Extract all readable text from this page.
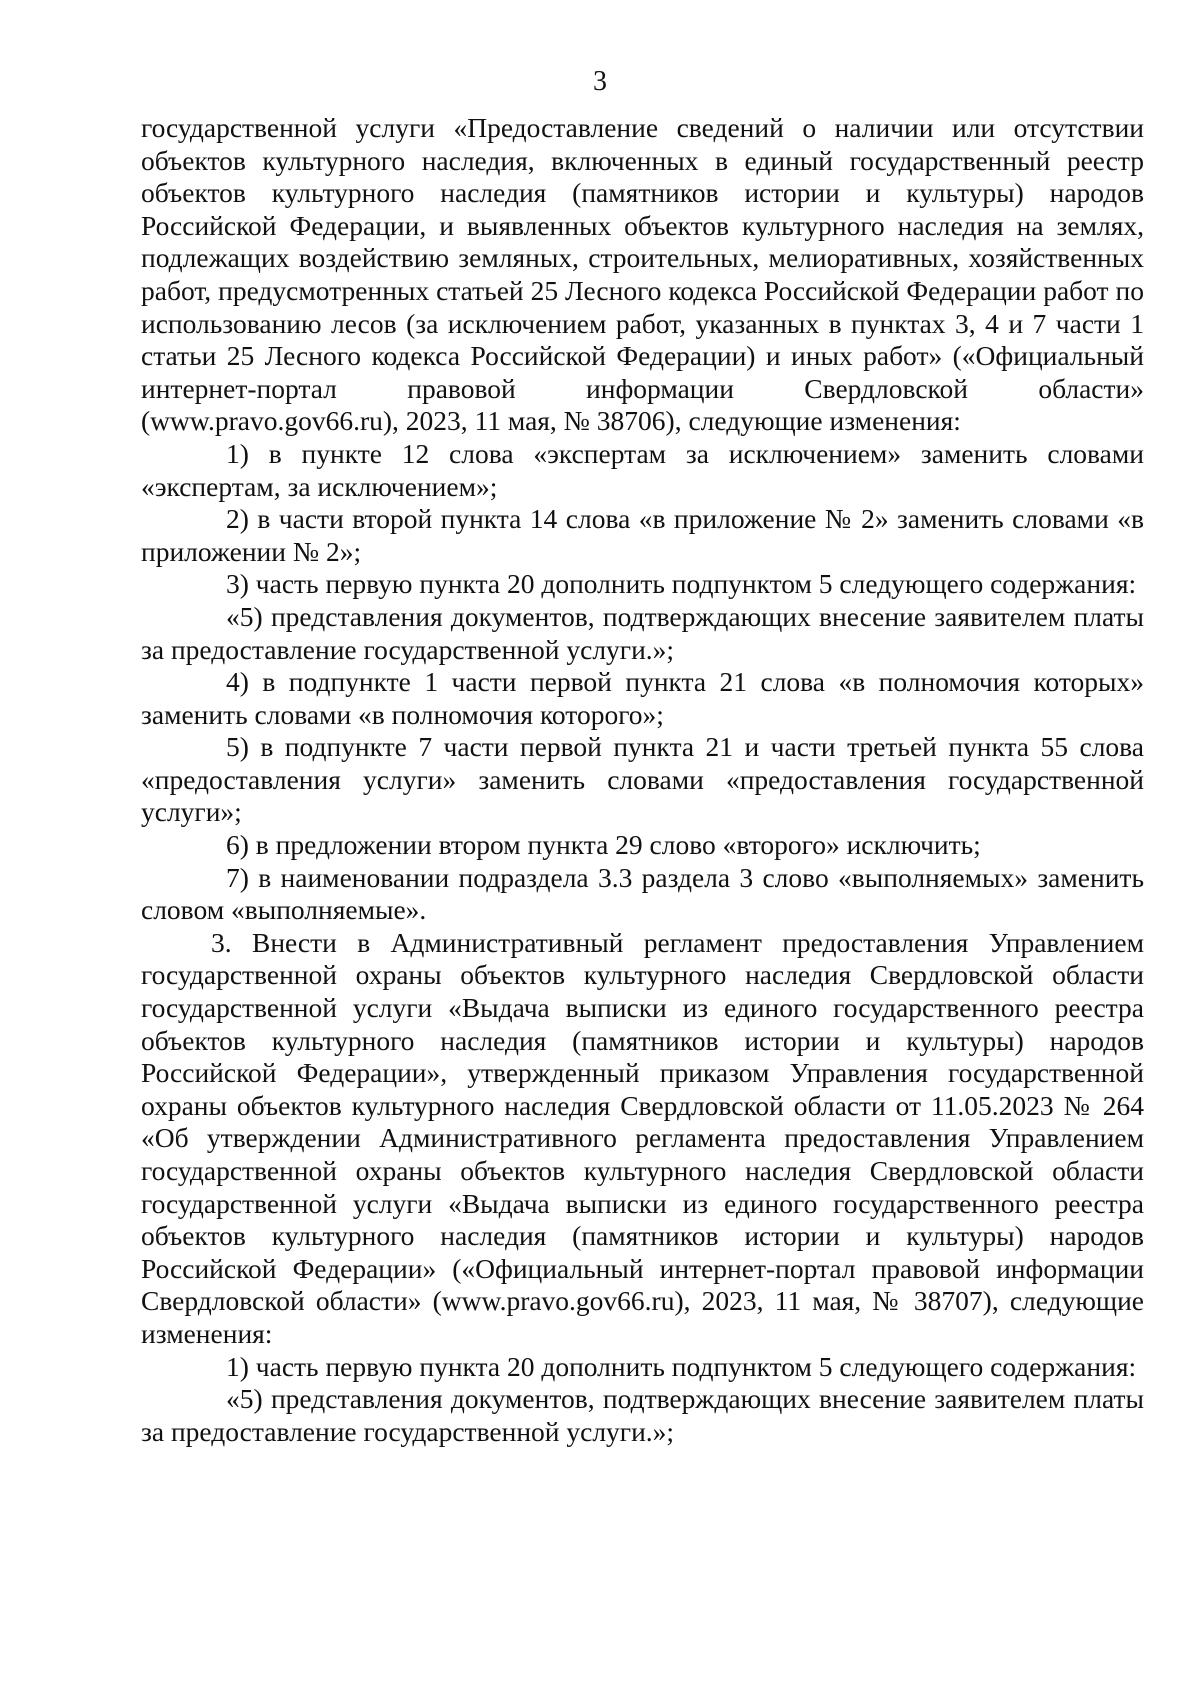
3

государственной услуги «Предоставление сведений о наличии или отсутствии объектов культурного наследия, включенных в единый государственный реестр объектов культурного наследия (памятников истории и культуры) народов Российской Федерации, и выявленных объектов культурного наследия на землях, подлежащих воздействию земляных, строительных, мелиоративных, хозяйственных работ, предусмотренных статьей 25 Лесного кодекса Российской Федерации работ по использованию лесов (за исключением работ, указанных в пунктах 3, 4 и 7 части 1 статьи 25 Лесного кодекса Российской Федерации) и иных работ» («Официальный интернет-портал правовой информации Свердловской области» (www.pravo.gov66.ru), 2023, 11 мая, № 38706), следующие изменения:

1) в пункте 12 слова «экспертам за исключением» заменить словами «экспертам, за исключением»;

2) в части второй пункта 14 слова «в приложение № 2» заменить словами «в приложении № 2»;

3) часть первую пункта 20 дополнить подпунктом 5 следующего содержания:

«5) представления документов, подтверждающих внесение заявителем платы за предоставление государственной услуги.»;

4) в подпункте 1 части первой пункта 21 слова «в полномочия которых» заменить словами «в полномочия которого»;

5) в подпункте 7 части первой пункта 21 и части третьей пункта 55 слова «предоставления услуги» заменить словами «предоставления государственной услуги»;

6) в предложении втором пункта 29 слово «второго» исключить;

7) в наименовании подраздела 3.3 раздела 3 слово «выполняемых» заменить словом «выполняемые».

3. Внести в Административный регламент предоставления Управлением государственной охраны объектов культурного наследия Свердловской области государственной услуги «Выдача выписки из единого государственного реестра объектов культурного наследия (памятников истории и культуры) народов Российской Федерации», утвержденный приказом Управления государственной охраны объектов культурного наследия Свердловской области от 11.05.2023 № 264 «Об утверждении Административного регламента предоставления Управлением государственной охраны объектов культурного наследия Свердловской области государственной услуги «Выдача выписки из единого государственного реестра объектов культурного наследия (памятников истории и культуры) народов Российской Федерации» («Официальный интернет-портал правовой информации Свердловской области» (www.pravo.gov66.ru), 2023, 11 мая, № 38707), следующие изменения:

1) часть первую пункта 20 дополнить подпунктом 5 следующего содержания:

«5) представления документов, подтверждающих внесение заявителем платы за предоставление государственной услуги.»;
